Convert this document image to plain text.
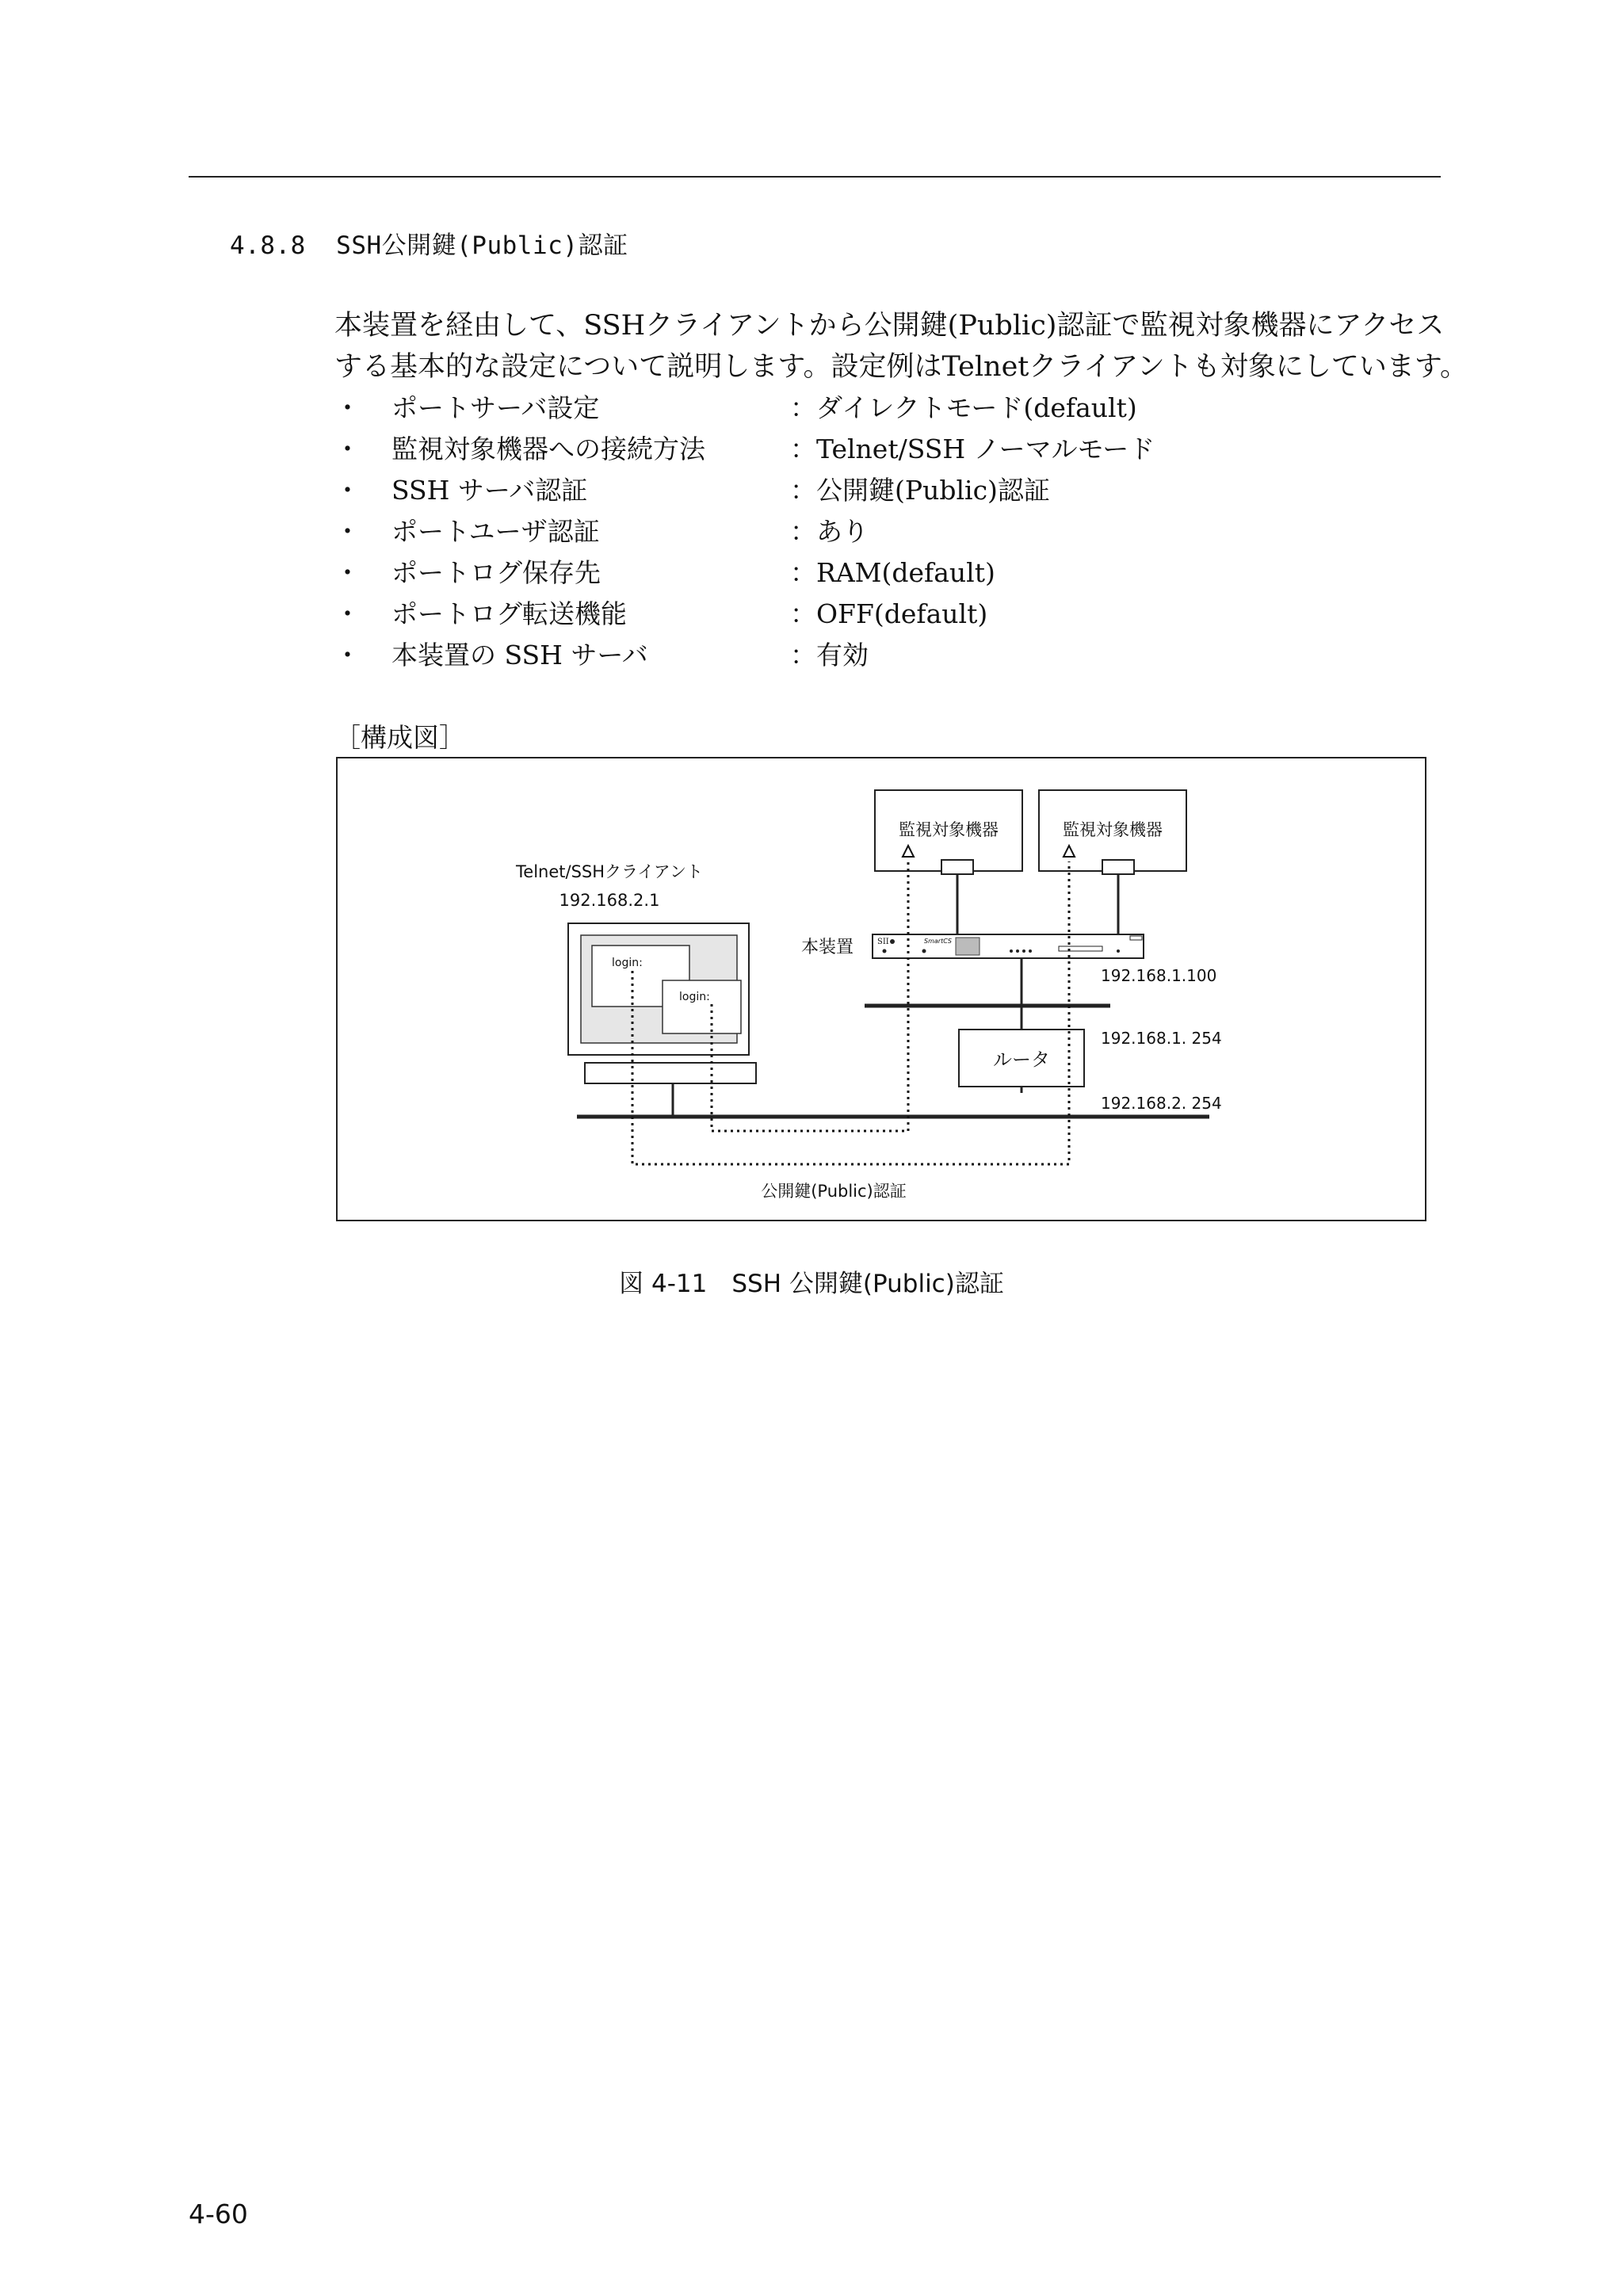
4.8.8 SSH公開鍵(Public)認証

本装置を経由して、SSHクライアントから公開鍵(Public)認証で監視対象機器にアクセス

する基本的な設定について説明します。設定例はTelnetクライアントも対象にしています。

・ ポートサーバ設定	：ダイレクトモード(default)
・ 監視対象機器への接続方法	：Telnet/SSH ノーマルモード
・ SSH サーバ認証	：公開鍵(Public)認証
・ ポートユーザ認証	：あり
・ ポートログ保存先	：RAM(default)
・ ポートログ転送機能	：OFF(default)
・ 本装置の SSH サーバ	：有効
［構成図］
監視対象機器	監視対象機器
SII	SmartCS
本装置
192.168.1.100
192.168.1. 254
192.168.2. 254
ルータ
Telnet/SSHクライアント
192.168.2.1
login:
login:
公開鍵(Public)認証
図 4-11　SSH 公開鍵(Public)認証
4-60
